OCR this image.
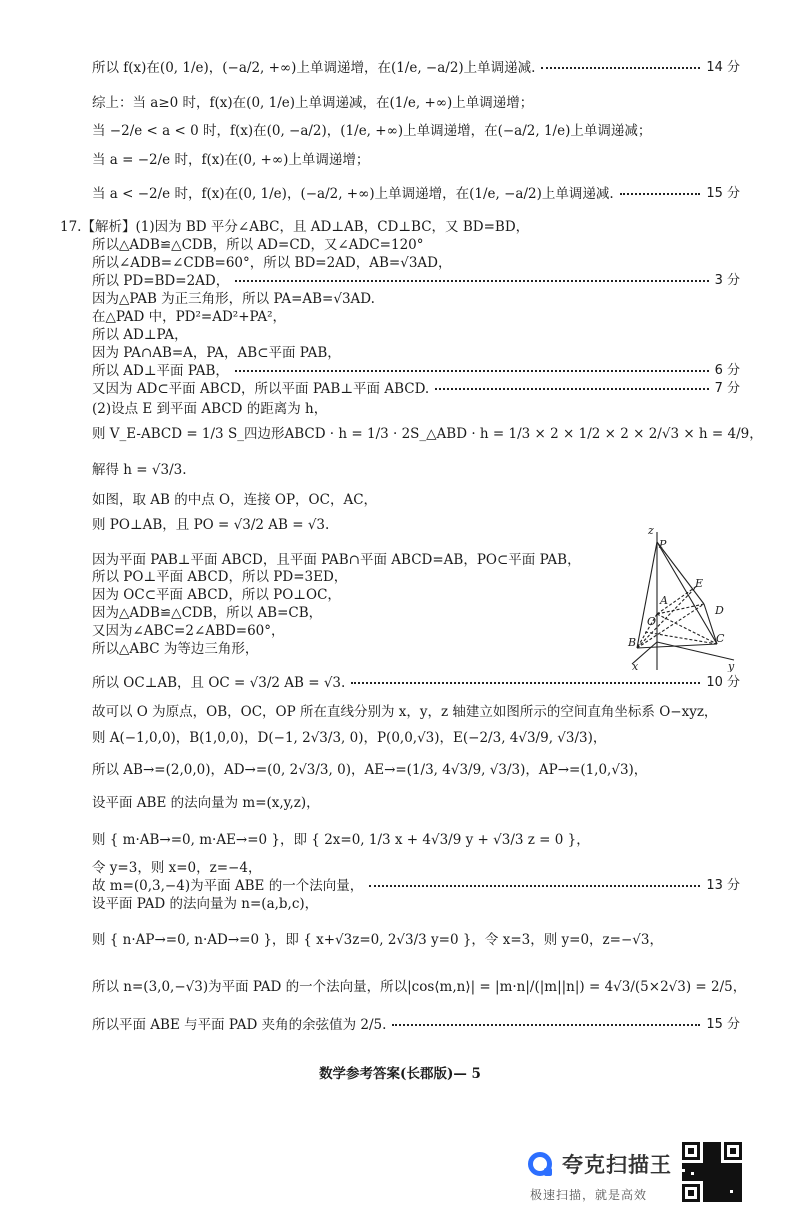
所以 f(x)在(0, 1/e)，(−a/2, +∞)上单调递增，在(1/e, −a/2)上单调递减.	14 分
综上：当 a≥0 时，f(x)在(0, 1/e)上单调递减，在(1/e, +∞)上单调递增；
当 −2/e < a < 0 时，f(x)在(0, −a/2)，(1/e, +∞)上单调递增，在(−a/2, 1/e)上单调递减；
当 a = −2/e 时，f(x)在(0, +∞)上单调递增；
当 a < −2/e 时，f(x)在(0, 1/e)，(−a/2, +∞)上单调递增，在(1/e, −a/2)上单调递减.	15 分
17.【解析】(1)因为 BD 平分∠ABC，且 AD⊥AB，CD⊥BC，又 BD=BD，
所以△ADB≌△CDB，所以 AD=CD，又∠ADC=120°
所以∠ADB=∠CDB=60°，所以 BD=2AD，AB=√3AD，
所以 PD=BD=2AD，	3 分
因为△PAB 为正三角形，所以 PA=AB=√3AD.
在△PAD 中，PD²=AD²+PA²，
所以 AD⊥PA，
因为 PA∩AB=A，PA，AB⊂平面 PAB，
所以 AD⊥平面 PAB，	6 分
又因为 AD⊂平面 ABCD，所以平面 PAB⊥平面 ABCD.	7 分
(2)设点 E 到平面 ABCD 的距离为 h，
则 V_E-ABCD = 1/3 S_四边形ABCD · h = 1/3 · 2S_△ABD · h = 1/3 × 2 × 1/2 × 2 × 2/√3 × h = 4/9，
解得 h = √3/3.
如图，取 AB 的中点 O，连接 OP，OC，AC，
则 PO⊥AB，且 PO = √3/2 AB = √3.
因为平面 PAB⊥平面 ABCD，且平面 PAB∩平面 ABCD=AB，PO⊂平面 PAB，
所以 PO⊥平面 ABCD，所以 PD=3ED，
因为 OC⊂平面 ABCD，所以 PO⊥OC，
因为△ADB≌△CDB，所以 AB=CB，
又因为∠ABC=2∠ABD=60°，
所以△ABC 为等边三角形，
所以 OC⊥AB，且 OC = √3/2 AB = √3.	10 分
故可以 O 为原点，OB，OC，OP 所在直线分别为 x，y，z 轴建立如图所示的空间直角坐标系 O−xyz，
则 A(−1,0,0)，B(1,0,0)，D(−1, 2√3/3, 0)，P(0,0,√3)，E(−2/3, 4√3/9, √3/3)，
所以 AB→=(2,0,0)，AD→=(0, 2√3/3, 0)，AE→=(1/3, 4√3/9, √3/3)，AP→=(1,0,√3)，
设平面 ABE 的法向量为 m=(x,y,z)，
则 { m·AB→=0, m·AE→=0 }，即 { 2x=0, 1/3 x + 4√3/9 y + √3/3 z = 0 }，
令 y=3，则 x=0，z=−4，
故 m=(0,3,−4)为平面 ABE 的一个法向量，	13 分
设平面 PAD 的法向量为 n=(a,b,c)，
则 { n·AP→=0, n·AD→=0 }，即 { x+√3z=0, 2√3/3 y=0 }，令 x=3，则 y=0，z=−√3，
所以 n=(3,0,−√3)为平面 PAD 的一个法向量，所以|cos⟨m,n⟩| = |m·n|/(|m||n|) = 4√3/(5×2√3) = 2/5，
所以平面 ABE 与平面 PAD 夹角的余弦值为 2/5.	15 分
数学参考答案(长郡版)— 5
z
P
E
A
D
O
B	C
x	y
夸克扫描王
极速扫描，就是高效
